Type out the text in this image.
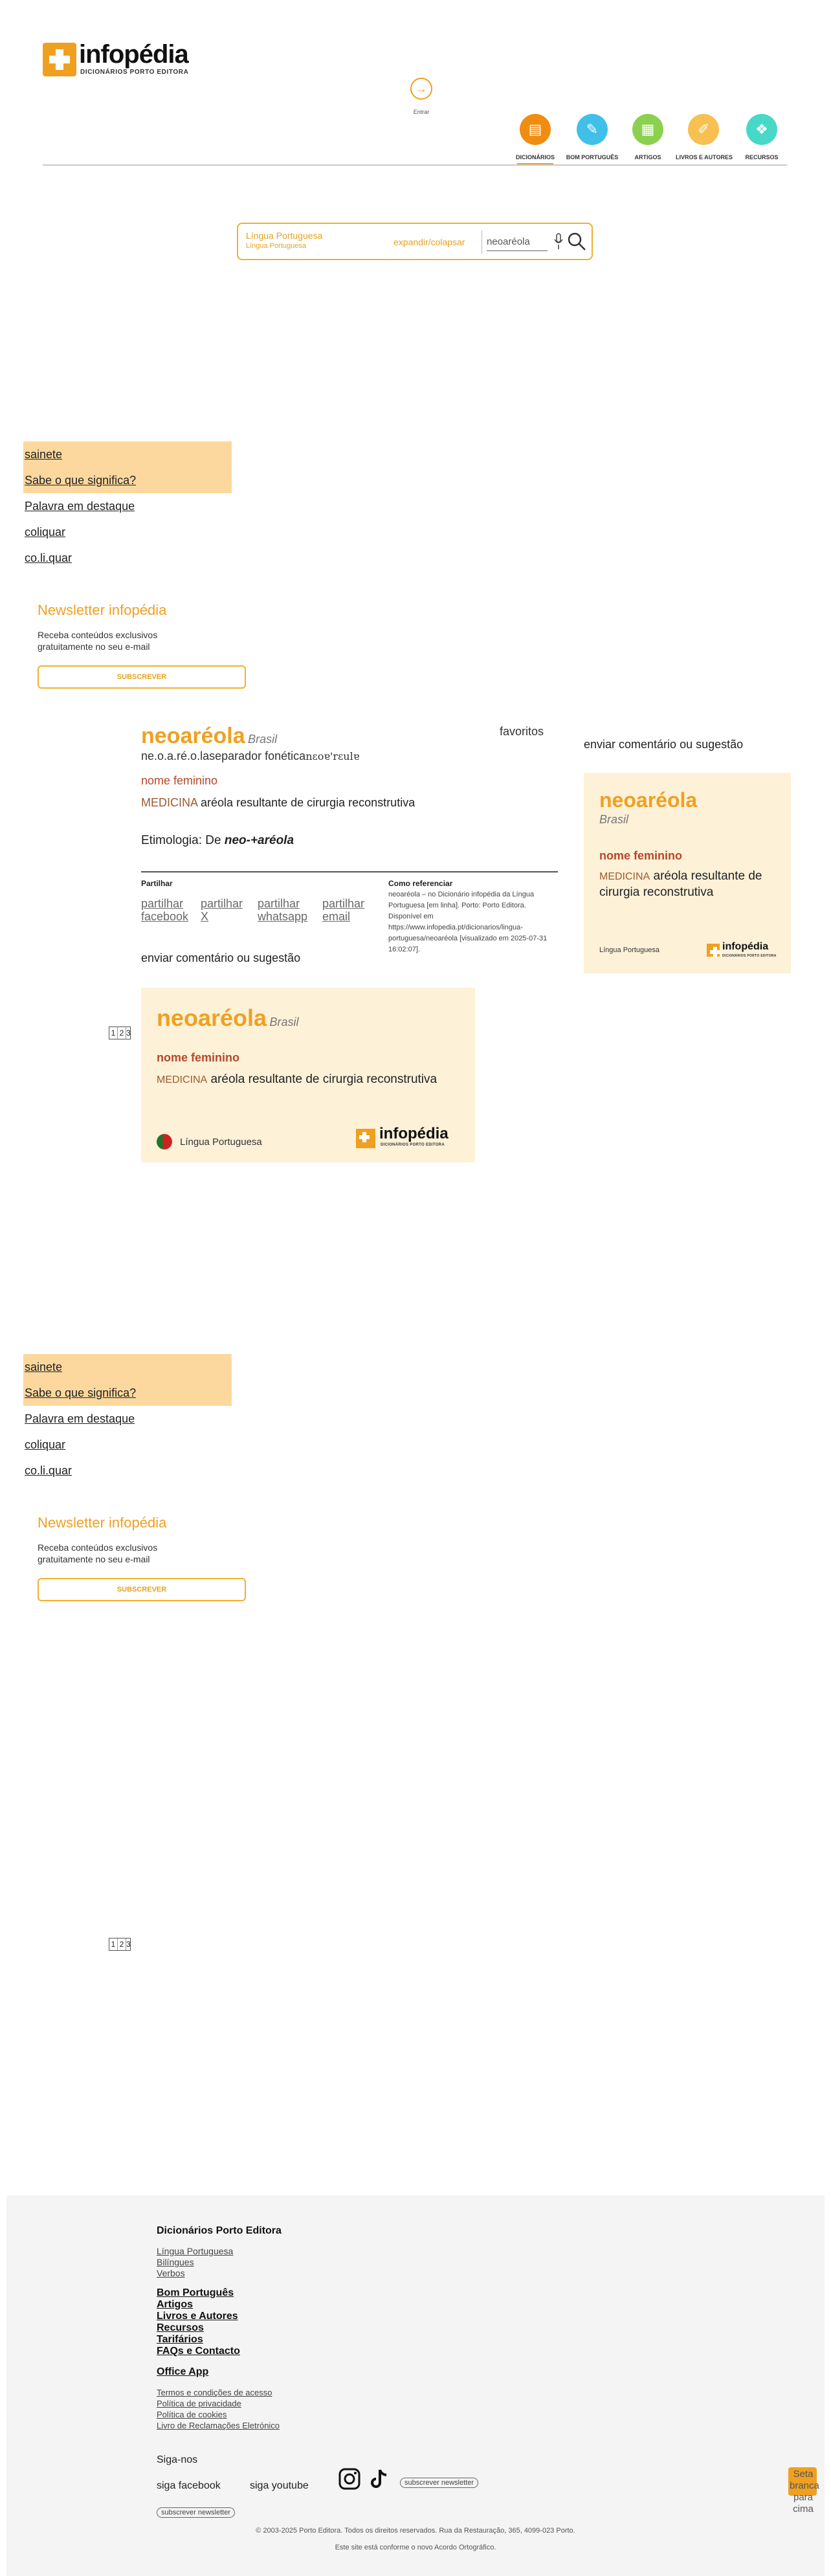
infopédia
DICIONÁRIOS PORTO EDITORA
→
Entrar
▤
DICIONÁRIOS
✎
BOM PORTUGUÊS
▦
ARTIGOS
✐
LIVROS E AUTORES
❖
RECURSOS
Língua Portuguesa
Língua Portuguesa	expandir/colapsar
neoaréola
sainete
Sabe o que significa?
Palavra em destaque
coliquar
co.li.quar
Newsletter infopédia
Receba conteúdos exclusivos gratuitamente no seu e-mail
SUBSCREVER
neoaréola Brasil
ne.o.a.ré.o.laseparador fonéticanɛoɐ'rɛulɐ
favoritos
nome feminino
MEDICINA aréola resultante de cirurgia reconstrutiva
Etimologia: De neo-+aréola
Partilhar
partilhar facebook
partilhar X
partilhar whatsapp
partilhar email
Como referenciar
neoaréola – no Dicionário infopédia da Língua Portuguesa [em linha]. Porto: Porto Editora. Disponível em https://www.infopedia.pt/dicionarios/lingua-portuguesa/neoaréola [visualizado em 2025-07-31 16:02:07].
enviar comentário ou sugestão
enviar comentário ou sugestão
neoaréola
Brasil
nome feminino
MEDICINA aréola resultante de cirurgia reconstrutiva
Língua Portuguesa	infopédia
DICIONÁRIOS PORTO EDITORA
1 2 3
neoaréola Brasil
nome feminino
MEDICINA aréola resultante de cirurgia reconstrutiva
Língua Portuguesa	infopédia
DICIONÁRIOS PORTO EDITORA
sainete
Sabe o que significa?
Palavra em destaque
coliquar
co.li.quar
Newsletter infopédia
Receba conteúdos exclusivos gratuitamente no seu e-mail
SUBSCREVER
1 2 3
Dicionários Porto Editora
Língua Portuguesa
Bilíngues
Verbos
Bom Português
Artigos
Livros e Autores
Recursos
Tarifários
FAQs e Contacto
Office App
Termos e condições de acesso
Política de privacidade
Política de cookies
Livro de Reclamações Eletrónico
Siga-nos
siga facebook	siga youtube	subscrever newsletter
subscrever newsletter
© 2003-2025 Porto Editora. Todos os direitos reservados. Rua da Restauração, 365, 4099-023 Porto.
Este site está conforme o novo Acordo Ortográfico.
Seta branca para cima
